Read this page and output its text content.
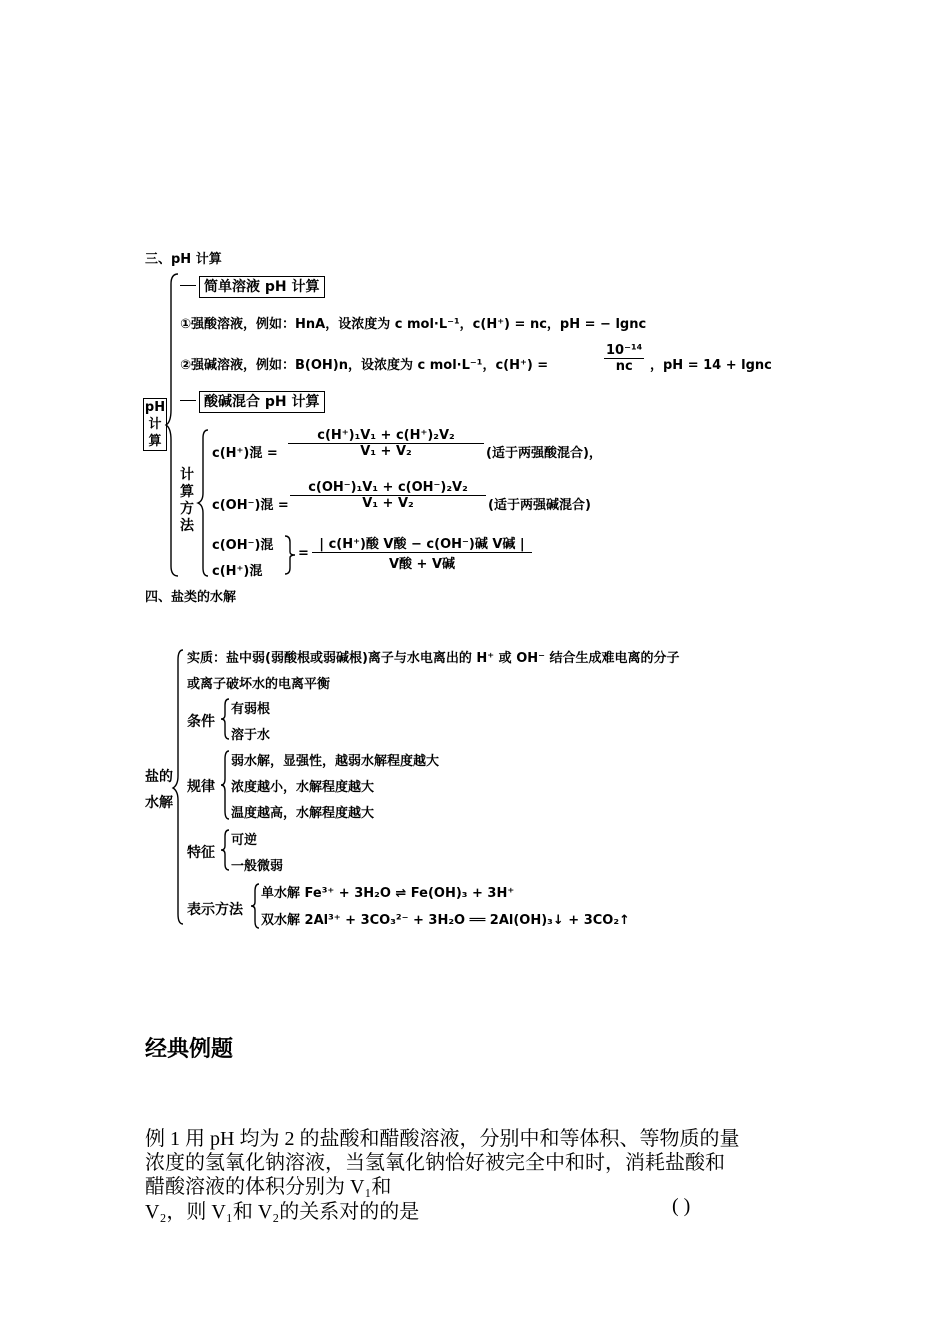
三、pH 计算
pH
计
算
简单溶液 pH 计算
①强酸溶液，例如：HnA，设浓度为 c mol·L⁻¹，c(H⁺) = nc，pH = − lgnc
②强碱溶液，例如：B(OH)n，设浓度为 c mol·L⁻¹，c(H⁺) =	$\frac{\text{10⁻¹⁴}}{nc}$ ，pH = 14 + lgnc
酸碱混合 pH 计算
计
算
方
法
c(H⁺)混 = $\frac{\text{c(H⁺)₁V₁ + c(H⁺)₂V₂}}{\text{V₁ + V₂}}$ (适于两强酸混合)，
c(OH⁻)混 = $\frac{\text{c(OH⁻)₁V₁ + c(OH⁻)₂V₂}}{\text{V₁ + V₂}}$ (适于两强碱混合)
c(OH⁻)混
c(H⁺)混
=
| c(H⁺)酸 V酸 − c(OH⁻)碱 V碱 |
V酸 + V碱
四、盐类的水解
盐的
水解
实质：盐中弱(弱酸根或弱碱根)离子与水电离出的 H⁺ 或 OH⁻ 结合生成难电离的分子
或离子破坏水的电离平衡
条件
有弱根
溶于水
规律
弱水解，显强性，越弱水解程度越大
浓度越小，水解程度越大
温度越高，水解程度越大
特征
可逆
一般微弱
表示方法
单水解 Fe³⁺ + 3H₂O ⇌ Fe(OH)₃ + 3H⁺
双水解 2Al³⁺ + 3CO₃²⁻ + 3H₂O ══ 2Al(OH)₃↓ + 3CO₂↑
经典例题
例 1 用 pH 均为 2 的盐酸和醋酸溶液，分别中和等体积、等物质的量
浓度的氢氧化钠溶液，当氢氧化钠恰好被完全中和时，消耗盐酸和
醋酸溶液的体积分别为 V₁和
V₂，则 V₁和 V₂的关系对的的是	( )
